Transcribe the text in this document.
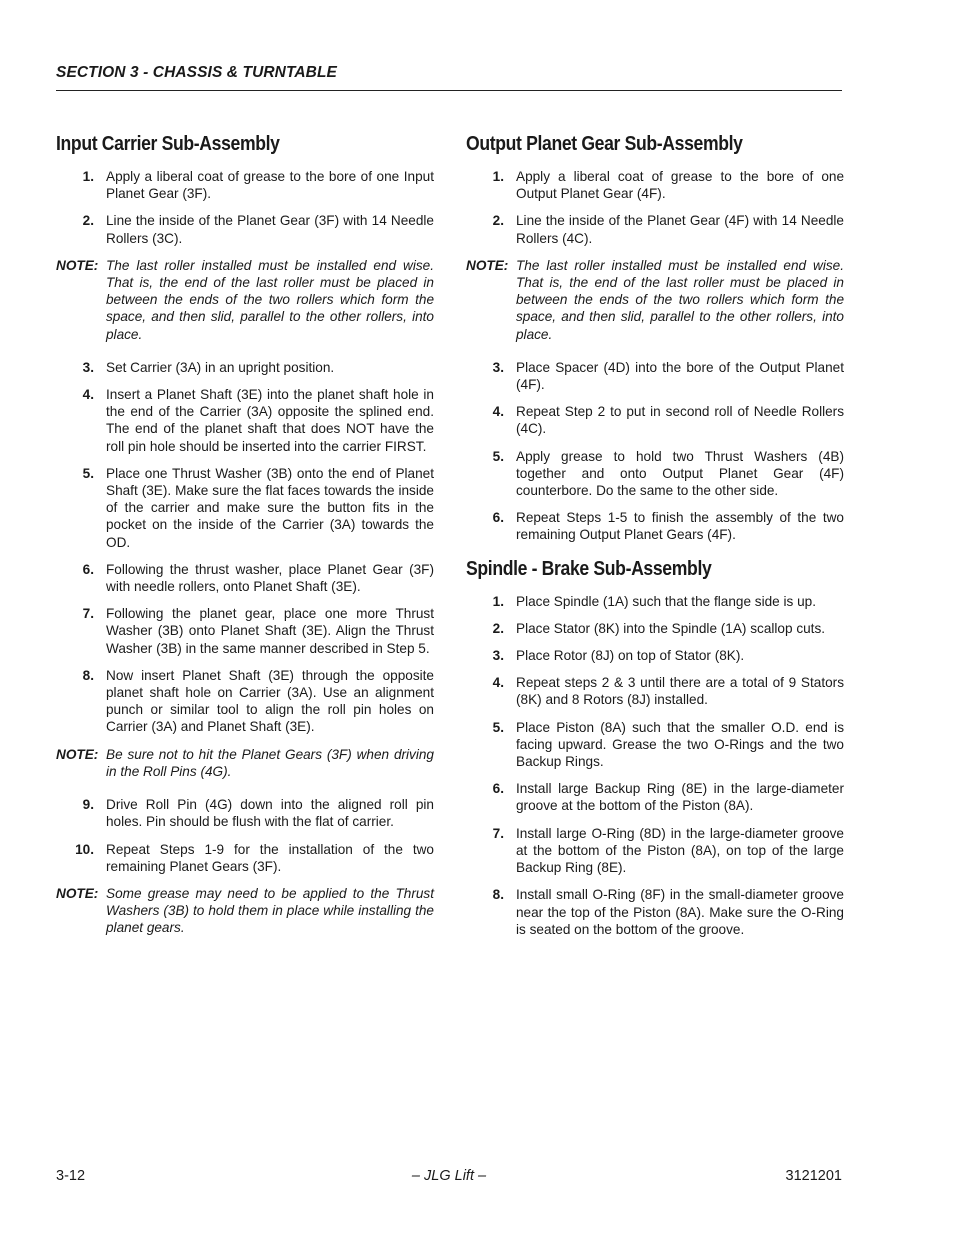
SECTION 3 - CHASSIS & TURNTABLE
Input Carrier Sub-Assembly
1. Apply a liberal coat of grease to the bore of one Input Planet Gear (3F).
2. Line the inside of the Planet Gear (3F) with 14 Needle Rollers (3C).
NOTE: The last roller installed must be installed end wise. That is, the end of the last roller must be placed in between the ends of the two rollers which form the space, and then slid, parallel to the other rollers, into place.
3. Set Carrier (3A) in an upright position.
4. Insert a Planet Shaft (3E) into the planet shaft hole in the end of the Carrier (3A) opposite the splined end. The end of the planet shaft that does NOT have the roll pin hole should be inserted into the carrier FIRST.
5. Place one Thrust Washer (3B) onto the end of Planet Shaft (3E). Make sure the flat faces towards the inside of the carrier and make sure the button fits in the pocket on the inside of the Carrier (3A) towards the OD.
6. Following the thrust washer, place Planet Gear (3F) with needle rollers, onto Planet Shaft (3E).
7. Following the planet gear, place one more Thrust Washer (3B) onto Planet Shaft (3E). Align the Thrust Washer (3B) in the same manner described in Step 5.
8. Now insert Planet Shaft (3E) through the opposite planet shaft hole on Carrier (3A). Use an alignment punch or similar tool to align the roll pin holes on Carrier (3A) and Planet Shaft (3E).
NOTE: Be sure not to hit the Planet Gears (3F) when driving in the Roll Pins (4G).
9. Drive Roll Pin (4G) down into the aligned roll pin holes. Pin should be flush with the flat of carrier.
10. Repeat Steps 1-9 for the installation of the two remaining Planet Gears (3F).
NOTE: Some grease may need to be applied to the Thrust Washers (3B) to hold them in place while installing the planet gears.
Output Planet Gear Sub-Assembly
1. Apply a liberal coat of grease to the bore of one Output Planet Gear (4F).
2. Line the inside of the Planet Gear (4F) with 14 Needle Rollers (4C).
NOTE: The last roller installed must be installed end wise. That is, the end of the last roller must be placed in between the ends of the two rollers which form the space, and then slid, parallel to the other rollers, into place.
3. Place Spacer (4D) into the bore of the Output Planet (4F).
4. Repeat Step 2 to put in second roll of Needle Rollers (4C).
5. Apply grease to hold two Thrust Washers (4B) together and onto Output Planet Gear (4F) counterbore. Do the same to the other side.
6. Repeat Steps 1-5 to finish the assembly of the two remaining Output Planet Gears (4F).
Spindle - Brake Sub-Assembly
1. Place Spindle (1A) such that the flange side is up.
2. Place Stator (8K) into the Spindle (1A) scallop cuts.
3. Place Rotor (8J) on top of Stator (8K).
4. Repeat steps 2 & 3 until there are a total of 9 Stators (8K) and 8 Rotors (8J) installed.
5. Place Piston (8A) such that the smaller O.D. end is facing upward. Grease the two O-Rings and the two Backup Rings.
6. Install large Backup Ring (8E) in the large-diameter groove at the bottom of the Piston (8A).
7. Install large O-Ring (8D) in the large-diameter groove at the bottom of the Piston (8A), on top of the large Backup Ring (8E).
8. Install small O-Ring (8F) in the small-diameter groove near the top of the Piston (8A). Make sure the O-Ring is seated on the bottom of the groove.
3-12	– JLG Lift –	3121201
